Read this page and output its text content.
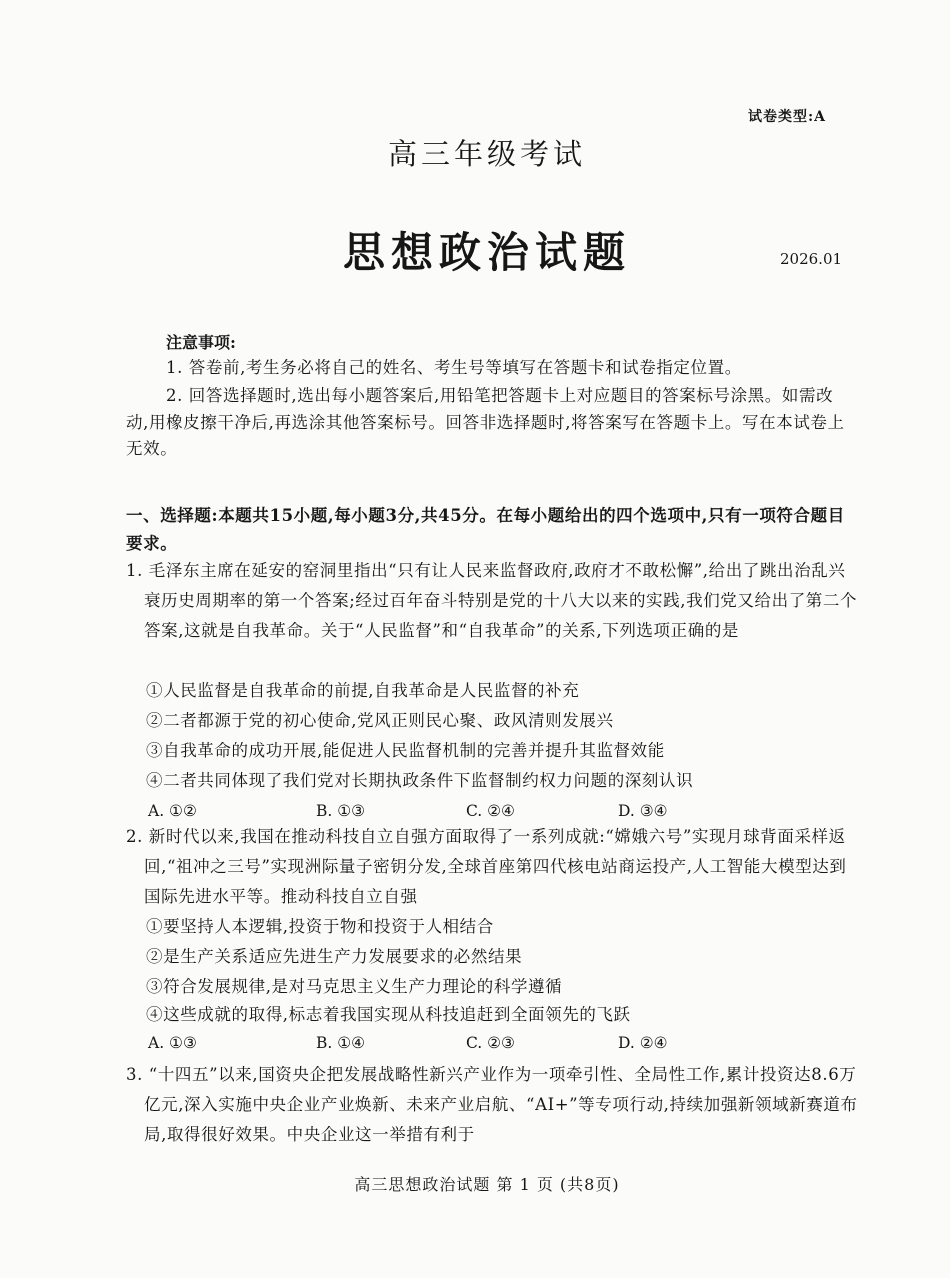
试卷类型:A
高三年级考试
思想政治试题	2026.01
注意事项:
1. 答卷前,考生务必将自己的姓名、考生号等填写在答题卡和试卷指定位置。
2. 回答选择题时,选出每小题答案后,用铅笔把答题卡上对应题目的答案标号涂黑。如需改动,用橡皮擦干净后,再选涂其他答案标号。回答非选择题时,将答案写在答题卡上。写在本试卷上无效。
一、选择题:本题共15小题,每小题3分,共45分。在每小题给出的四个选项中,只有一项符合题目要求。
1. 毛泽东主席在延安的窑洞里指出“只有让人民来监督政府,政府才不敢松懈”,给出了跳出治乱兴衰历史周期率的第一个答案;经过百年奋斗特别是党的十八大以来的实践,我们党又给出了第二个答案,这就是自我革命。关于“人民监督”和“自我革命”的关系,下列选项正确的是
①人民监督是自我革命的前提,自我革命是人民监督的补充
②二者都源于党的初心使命,党风正则民心聚、政风清则发展兴
③自我革命的成功开展,能促进人民监督机制的完善并提升其监督效能
④二者共同体现了我们党对长期执政条件下监督制约权力问题的深刻认识
A. ①②	B. ①③	C. ②④	D. ③④
2. 新时代以来,我国在推动科技自立自强方面取得了一系列成就:“嫦娥六号”实现月球背面采样返回,“祖冲之三号”实现洲际量子密钥分发,全球首座第四代核电站商运投产,人工智能大模型达到国际先进水平等。推动科技自立自强
①要坚持人本逻辑,投资于物和投资于人相结合
②是生产关系适应先进生产力发展要求的必然结果
③符合发展规律,是对马克思主义生产力理论的科学遵循
④这些成就的取得,标志着我国实现从科技追赶到全面领先的飞跃
A. ①③	B. ①④	C. ②③	D. ②④
3. “十四五”以来,国资央企把发展战略性新兴产业作为一项牵引性、全局性工作,累计投资达8.6万亿元,深入实施中央企业产业焕新、未来产业启航、“AI+”等专项行动,持续加强新领域新赛道布局,取得很好效果。中央企业这一举措有利于
高三思想政治试题 第 1 页 (共8页)
